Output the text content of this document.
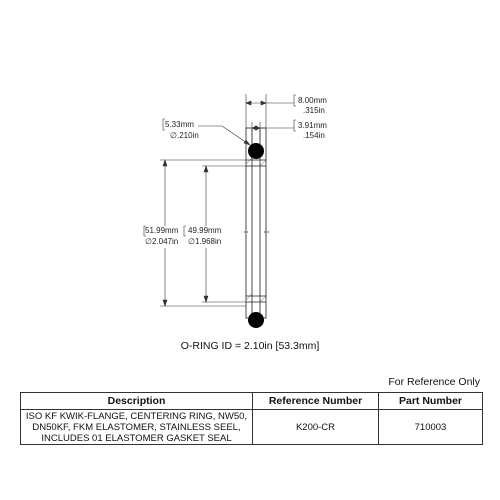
8.00mm
.315in
3.91mm
.154in
5.33mm
∅.210in
51.99mm
∅2.047in
49.99mm
∅1.968in
O-RING ID = 2.10in [53.3mm]
For Reference Only
Description	Reference Number	Part Number
ISO KF KWIK-FLANGE, CENTERING RING, NW50, DN50KF, FKM ELASTOMER, STAINLESS SEEL, INCLUDES 01 ELASTOMER GASKET SEAL	K200-CR	710003
